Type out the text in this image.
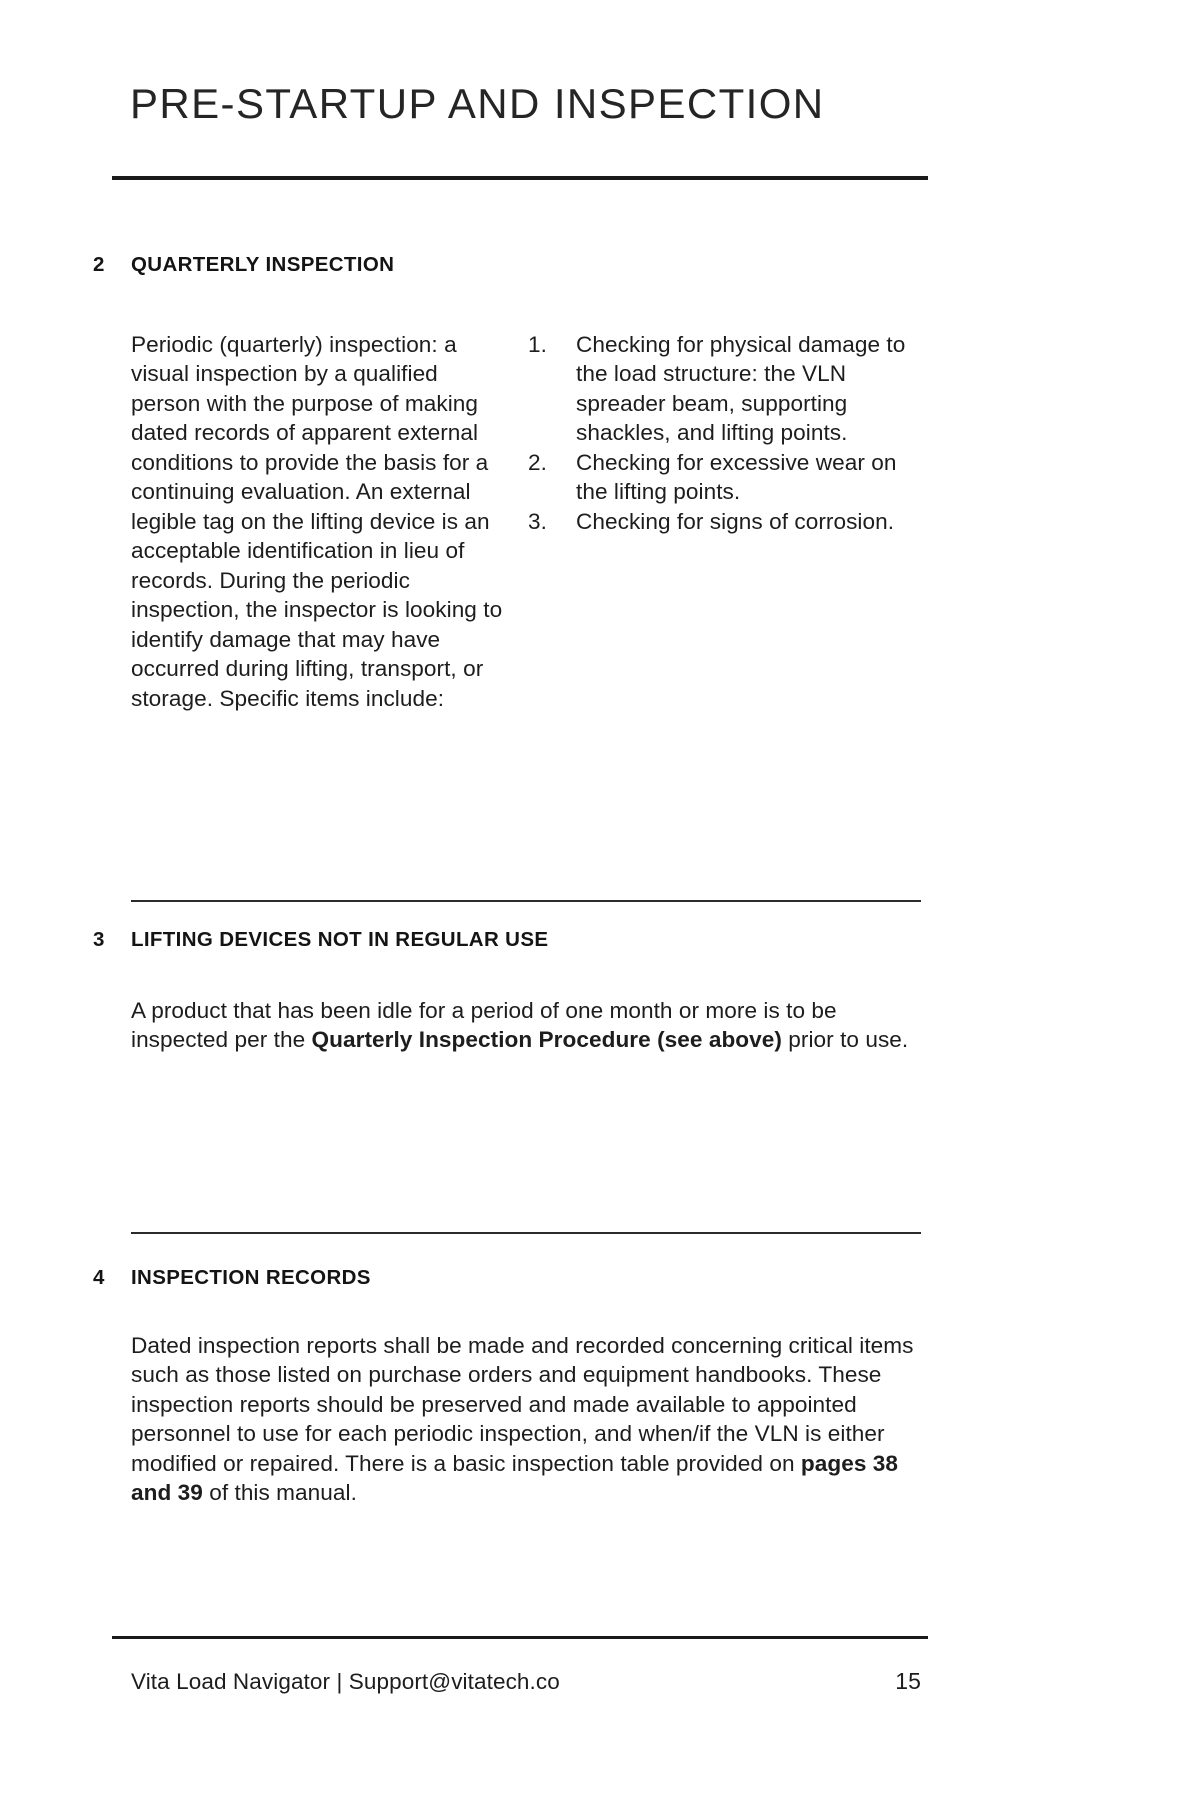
PRE-STARTUP AND INSPECTION
2	QUARTERLY INSPECTION
Periodic (quarterly) inspection: a visual inspection by a qualified person with the purpose of making dated records of apparent external conditions to provide the basis for a continuing evaluation. An external legible tag on the lifting device is an acceptable identification in lieu of records. During the periodic inspection, the inspector is looking to identify damage that may have occurred during lifting, transport, or storage. Specific items include:
1.	Checking for physical damage to the load structure: the VLN spreader beam, supporting shackles, and lifting points.
2.	Checking for excessive wear on the lifting points.
3.	Checking for signs of corrosion.
3	LIFTING DEVICES NOT IN REGULAR USE
A product that has been idle for a period of one month or more is to be inspected per the Quarterly Inspection Procedure (see above) prior to use.
4	INSPECTION RECORDS
Dated inspection reports shall be made and recorded concerning critical items such as those listed on purchase orders and equipment handbooks. These inspection reports should be preserved and made available to appointed personnel to use for each periodic inspection, and when/if the VLN is either modified or repaired. There is a basic inspection table provided on pages 38 and 39 of this manual.
Vita Load Navigator | Support@vitatech.co	15
